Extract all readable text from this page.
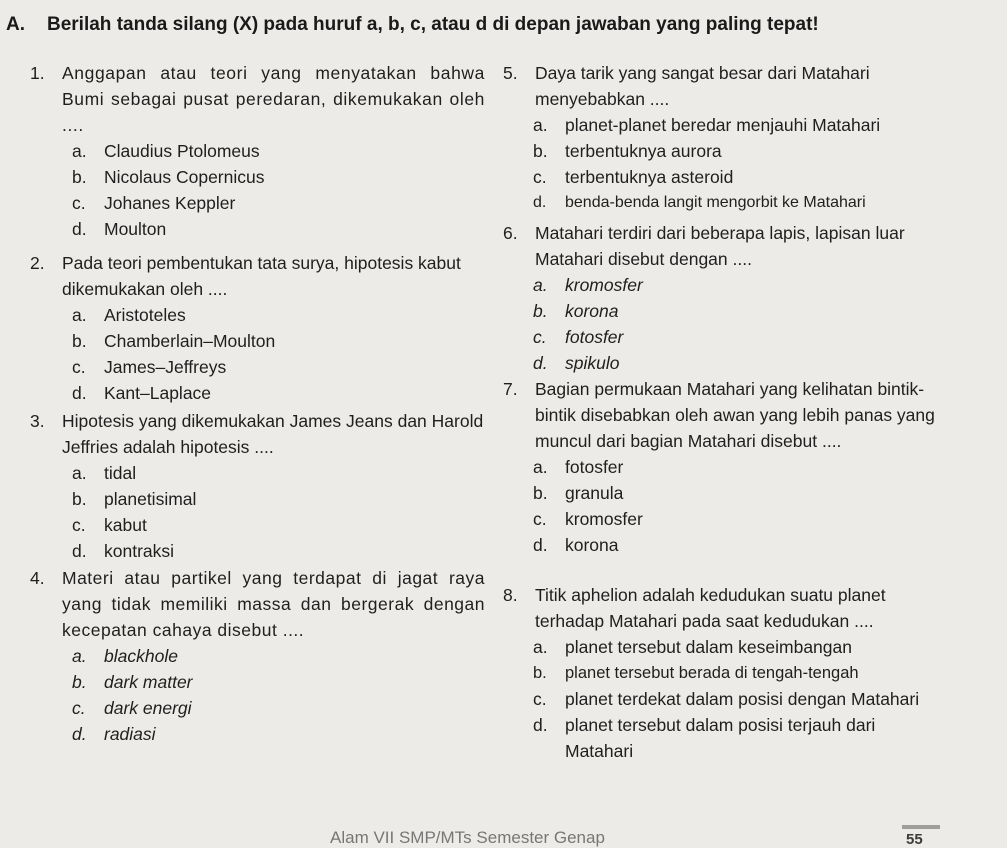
A. Berilah tanda silang (X) pada huruf a, b, c, atau d di depan jawaban yang paling tepat!
1. Anggapan atau teori yang menyatakan bahwa Bumi sebagai pusat peredaran, dikemukakan oleh ....
a. Claudius Ptolomeus
b. Nicolaus Copernicus
c. Johanes Keppler
d. Moulton
2. Pada teori pembentukan tata surya, hipotesis kabut dikemukakan oleh ....
a. Aristoteles
b. Chamberlain–Moulton
c. James–Jeffreys
d. Kant–Laplace
3. Hipotesis yang dikemukakan James Jeans dan Harold Jeffries adalah hipotesis ....
a. tidal
b. planetisimal
c. kabut
d. kontraksi
4. Materi atau partikel yang terdapat di jagat raya yang tidak memiliki massa dan bergerak dengan kecepatan cahaya disebut ....
a. blackhole
b. dark matter
c. dark energi
d. radiasi
5. Daya tarik yang sangat besar dari Matahari menyebabkan ....
a. planet-planet beredar menjauhi Matahari
b. terbentuknya aurora
c. terbentuknya asteroid
d. benda-benda langit mengorbit ke Matahari
6. Matahari terdiri dari beberapa lapis, lapisan luar Matahari disebut dengan ....
a. kromosfer
b. korona
c. fotosfer
d. spikulo
7. Bagian permukaan Matahari yang kelihatan bintik-bintik disebabkan oleh awan yang lebih panas yang muncul dari bagian Matahari disebut ....
a. fotosfer
b. granula
c. kromosfer
d. korona
8. Titik aphelion adalah kedudukan suatu planet terhadap Matahari pada saat kedudukan ....
a. planet tersebut dalam keseimbangan
b. planet tersebut berada di tengah-tengah
c. planet terdekat dalam posisi dengan Matahari
d. planet tersebut dalam posisi terjauh dari Matahari
Alam VII SMP/MTs Semester Genap	55
